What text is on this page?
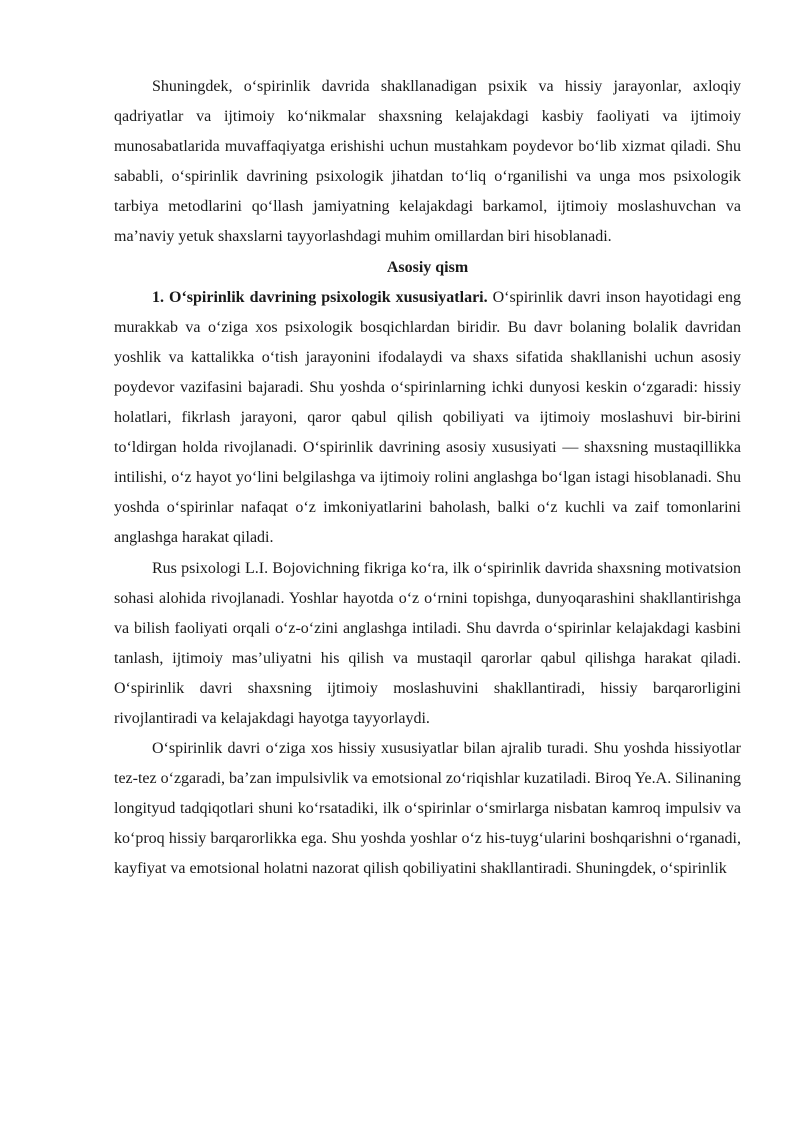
Shuningdek, o‘spirinlik davrida shakllanadigan psixik va hissiy jarayonlar, axloqiy qadriyatlar va ijtimoiy ko‘nikmalar shaxsning kelajakdagi kasbiy faoliyati va ijtimoiy munosabatlarida muvaffaqiyatga erishishi uchun mustahkam poydevor bo‘lib xizmat qiladi. Shu sababli, o‘spirinlik davrining psixologik jihatdan to‘liq o‘rganilishi va unga mos psixologik tarbiya metodlarini qo‘llash jamiyatning kelajakdagi barkamol, ijtimoiy moslashuvchan va ma’naviy yetuk shaxslarni tayyorlashdagi muhim omillardan biri hisoblanadi.

Asosiy qism

1. O‘spirinlik davrining psixologik xususiyatlari. O‘spirinlik davri inson hayotidagi eng murakkab va o‘ziga xos psixologik bosqichlardan biridir. Bu davr bolaning bolalik davridan yoshlik va kattalikka o‘tish jarayonini ifodalaydi va shaxs sifatida shakllanishi uchun asosiy poydevor vazifasini bajaradi. Shu yoshda o‘spirinlarning ichki dunyosi keskin o‘zgaradi: hissiy holatlari, fikrlash jarayoni, qaror qabul qilish qobiliyati va ijtimoiy moslashuvi bir-birini to‘ldirgan holda rivojlanadi. O‘spirinlik davrining asosiy xususiyati — shaxsning mustaqillikka intilishi, o‘z hayot yo‘lini belgilashga va ijtimoiy rolini anglashga bo‘lgan istagi hisoblanadi. Shu yoshda o‘spirinlar nafaqat o‘z imkoniyatlarini baholash, balki o‘z kuchli va zaif tomonlarini anglashga harakat qiladi.

Rus psixologi L.I. Bojovichning fikriga ko‘ra, ilk o‘spirinlik davrida shaxsning motivatsion sohasi alohida rivojlanadi. Yoshlar hayotda o‘z o‘rnini topishga, dunyoqarashini shakllantirishga va bilish faoliyati orqali o‘z-o‘zini anglashga intiladi. Shu davrda o‘spirinlar kelajakdagi kasbini tanlash, ijtimoiy mas’uliyatni his qilish va mustaqil qarorlar qabul qilishga harakat qiladi. O‘spirinlik davri shaxsning ijtimoiy moslashuvini shakllantiradi, hissiy barqarorligini rivojlantiradi va kelajakdagi hayotga tayyorlaydi.

O‘spirinlik davri o‘ziga xos hissiy xususiyatlar bilan ajralib turadi. Shu yoshda hissiyotlar tez-tez o‘zgaradi, ba’zan impulsivlik va emotsional zo‘riqishlar kuzatiladi. Biroq Ye.A. Silinaning longityud tadqiqotlari shuni ko‘rsatadiki, ilk o‘spirinlar o‘smirlarga nisbatan kamroq impulsiv va ko‘proq hissiy barqarorlikka ega. Shu yoshda yoshlar o‘z his-tuyg‘ularini boshqarishni o‘rganadi, kayfiyat va emotsional holatni nazorat qilish qobiliyatini shakllantiradi. Shuningdek, o‘spirinlik
